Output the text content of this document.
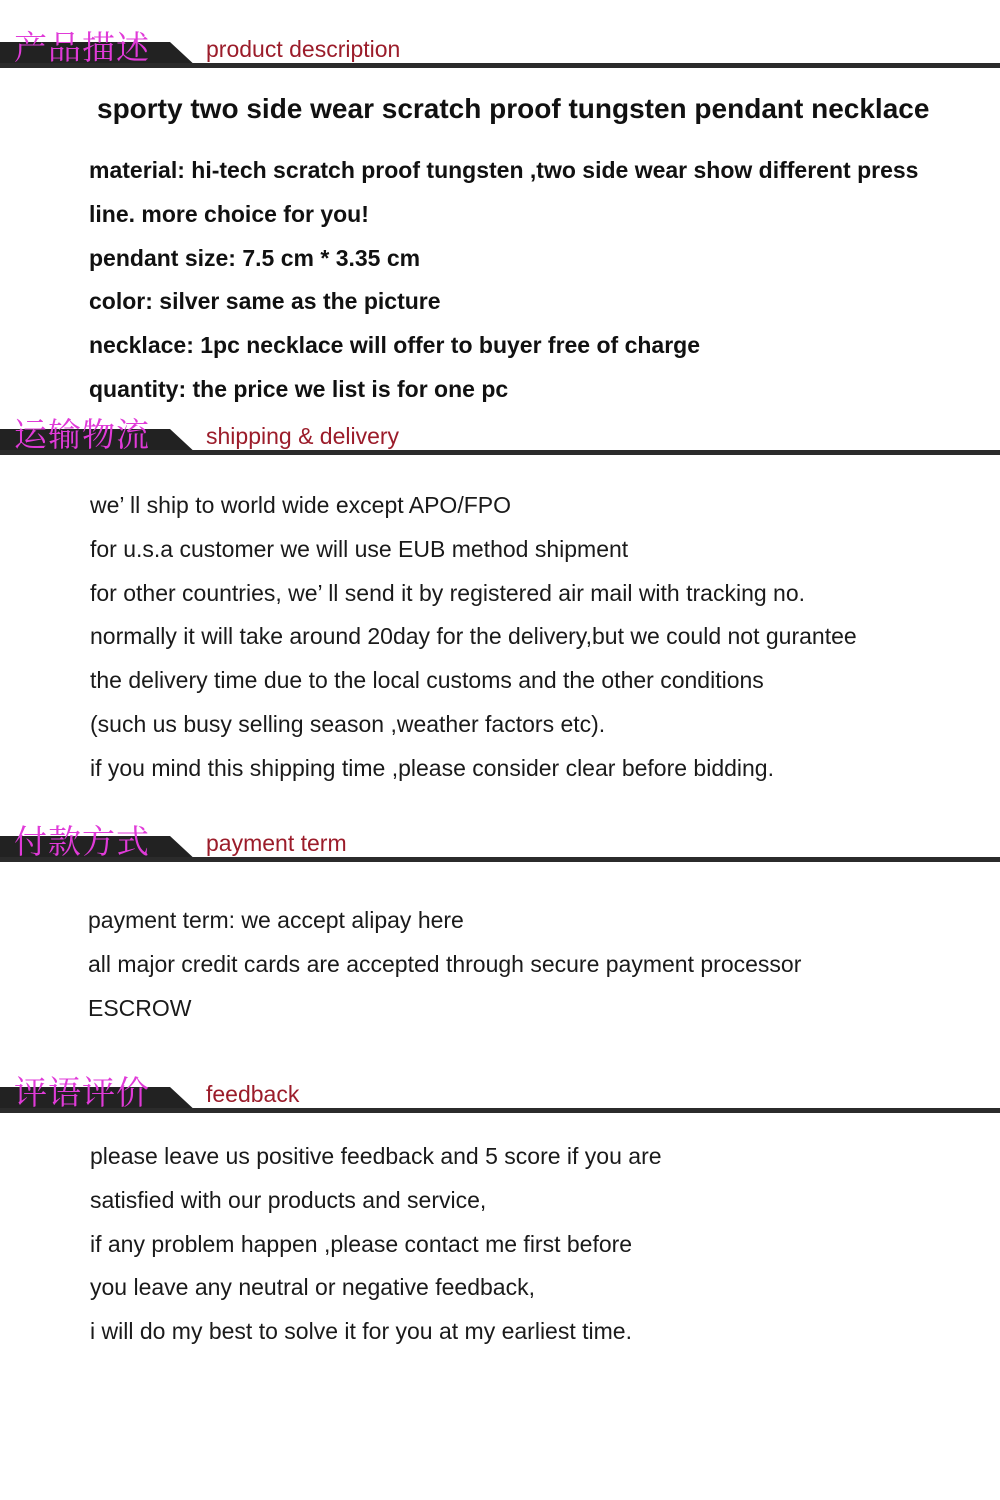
产品描述 product description
sporty two side wear scratch proof tungsten pendant necklace
material: hi-tech scratch proof tungsten ,two side wear show different press
line. more choice for you!
pendant size: 7.5 cm * 3.35 cm
color: silver same as the picture
necklace: 1pc necklace will offer to buyer free of charge
quantity: the price we list is for one pc
运输物流 shipping & delivery
we’ ll ship to world wide except APO/FPO
for u.s.a customer we will use EUB method shipment
for other countries, we’ ll send it by registered air mail with tracking no.
normally it will take around 20day for the delivery,but we could not gurantee
the delivery time due to the local customs and the other conditions
(such us busy selling season ,weather factors etc).
if you mind this shipping time ,please consider clear before bidding.
付款方式 payment term
payment term: we accept alipay here
all major credit cards are accepted through secure payment processor
ESCROW
评语评价 feedback
please leave us positive feedback and 5 score if you are
satisfied with our products and service,
if any problem happen ,please contact me first before
you leave any neutral or negative feedback,
i will do my best to solve it for you at my earliest time.
